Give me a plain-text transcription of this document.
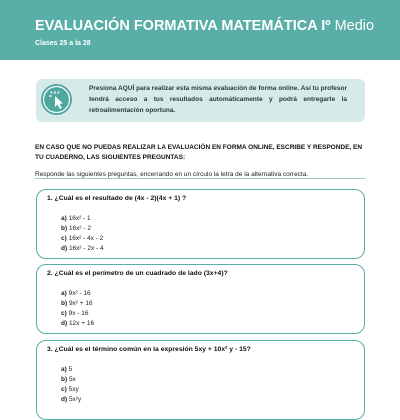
EVALUACIÓN FORMATIVA MATEMÁTICA Iº Medio
Clases 25 a la 28
Presiona AQUÍ para realizar esta misma evaluación de forma online. Así tu profesor tendrá acceso a tus resultados automáticamente y podrá entregarte la retroalimentación oportuna.
EN CASO QUE NO PUEDAS REALIZAR LA EVALUACIÓN EN FORMA ONLINE, ESCRIBE Y RESPONDE, EN TU CUADERNO, LAS SIGUIENTES PREGUNTAS:
Responde las siguientes preguntas, encerrando en un círculo la letra de la alternativa correcta.
1. ¿Cuál es el resultado de (4x - 2)(4x + 1) ?
a) 16x² - 1
b) 16x² - 2
c) 16x² - 4x - 2
d) 16x² - 2x - 4
2. ¿Cuál es el perímetro de un cuadrado de lado (3x+4)?
a) 9x² - 16
b) 9x² + 16
c) 9x - 16
d) 12x + 16
3. ¿Cuál es el término común en la expresión 5xy + 10x² y - 15?
a) 5
b) 5x
c) 5xy
d) 5x²y
